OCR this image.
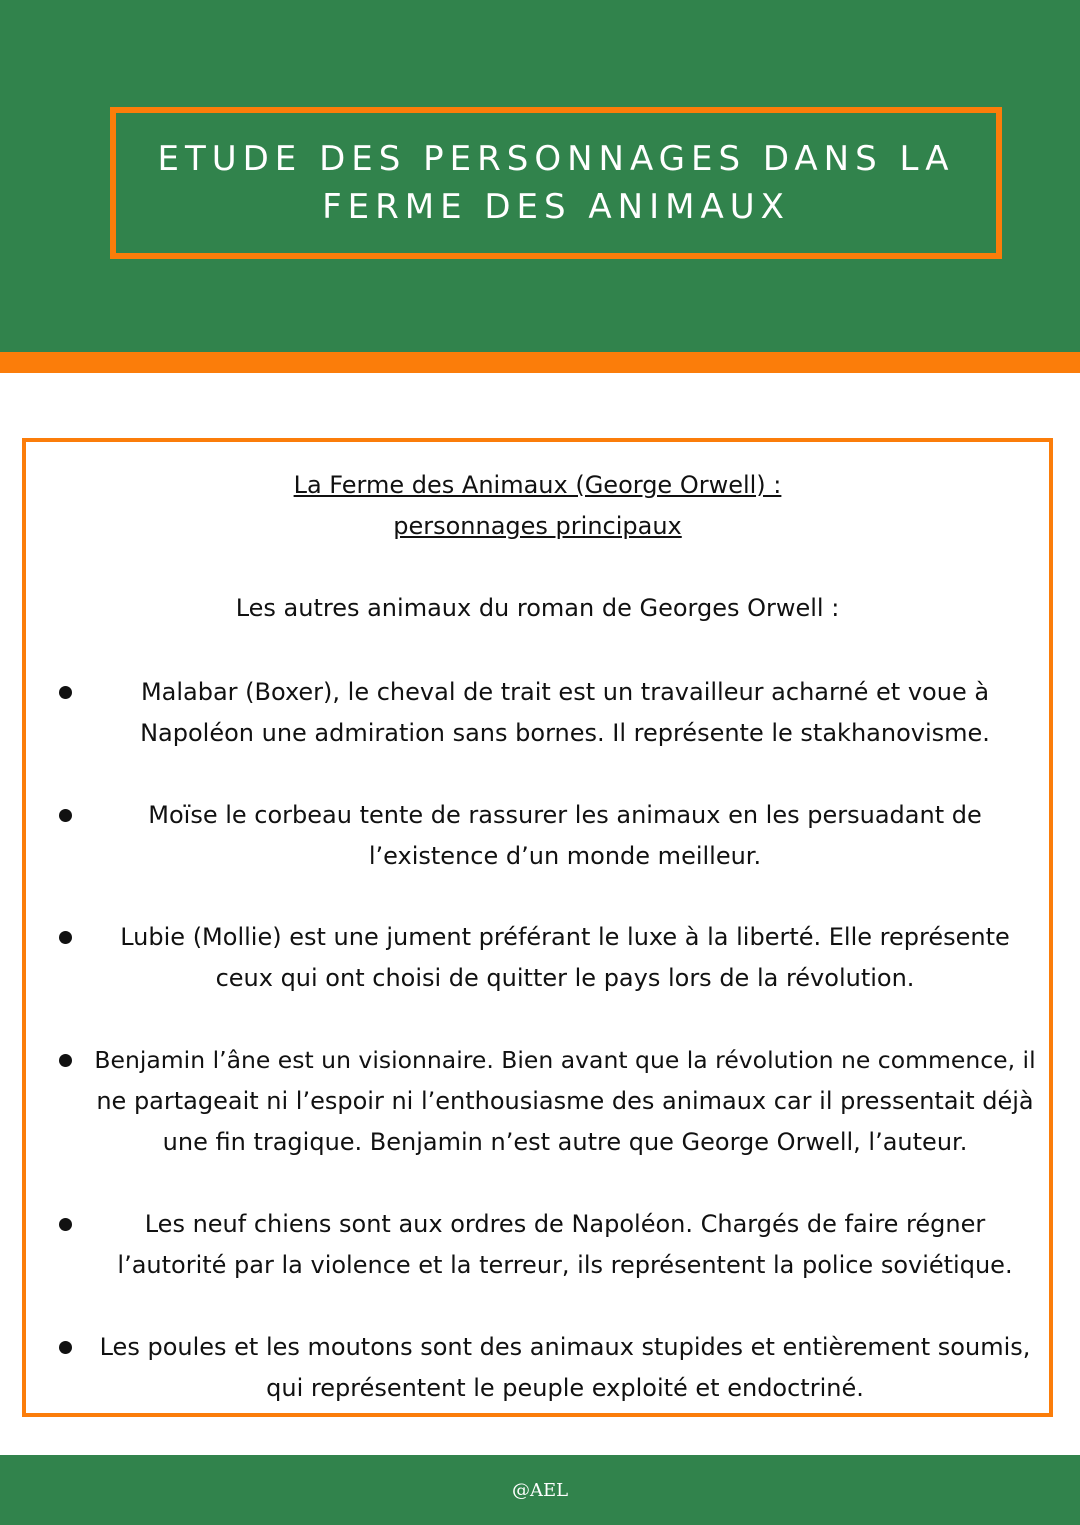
ETUDE DES PERSONNAGES DANS LA
FERME DES ANIMAUX
La Ferme des Animaux (George Orwell) :
personnages principaux
Les autres animaux du roman de Georges Orwell :
Malabar (Boxer), le cheval de trait est un travailleur acharné et voue à
Napoléon une admiration sans bornes. Il représente le stakhanovisme.
Moïse le corbeau tente de rassurer les animaux en les persuadant de
l’existence d’un monde meilleur.
Lubie (Mollie) est une jument préférant le luxe à la liberté. Elle représente
ceux qui ont choisi de quitter le pays lors de la révolution.
Benjamin l’âne est un visionnaire. Bien avant que la révolution ne commence, il
ne partageait ni l’espoir ni l’enthousiasme des animaux car il pressentait déjà
une fin tragique. Benjamin n’est autre que George Orwell, l’auteur.
Les neuf chiens sont aux ordres de Napoléon. Chargés de faire régner
l’autorité par la violence et la terreur, ils représentent la police soviétique.
Les poules et les moutons sont des animaux stupides et entièrement soumis,
qui représentent le peuple exploité et endoctriné.
@AEL
